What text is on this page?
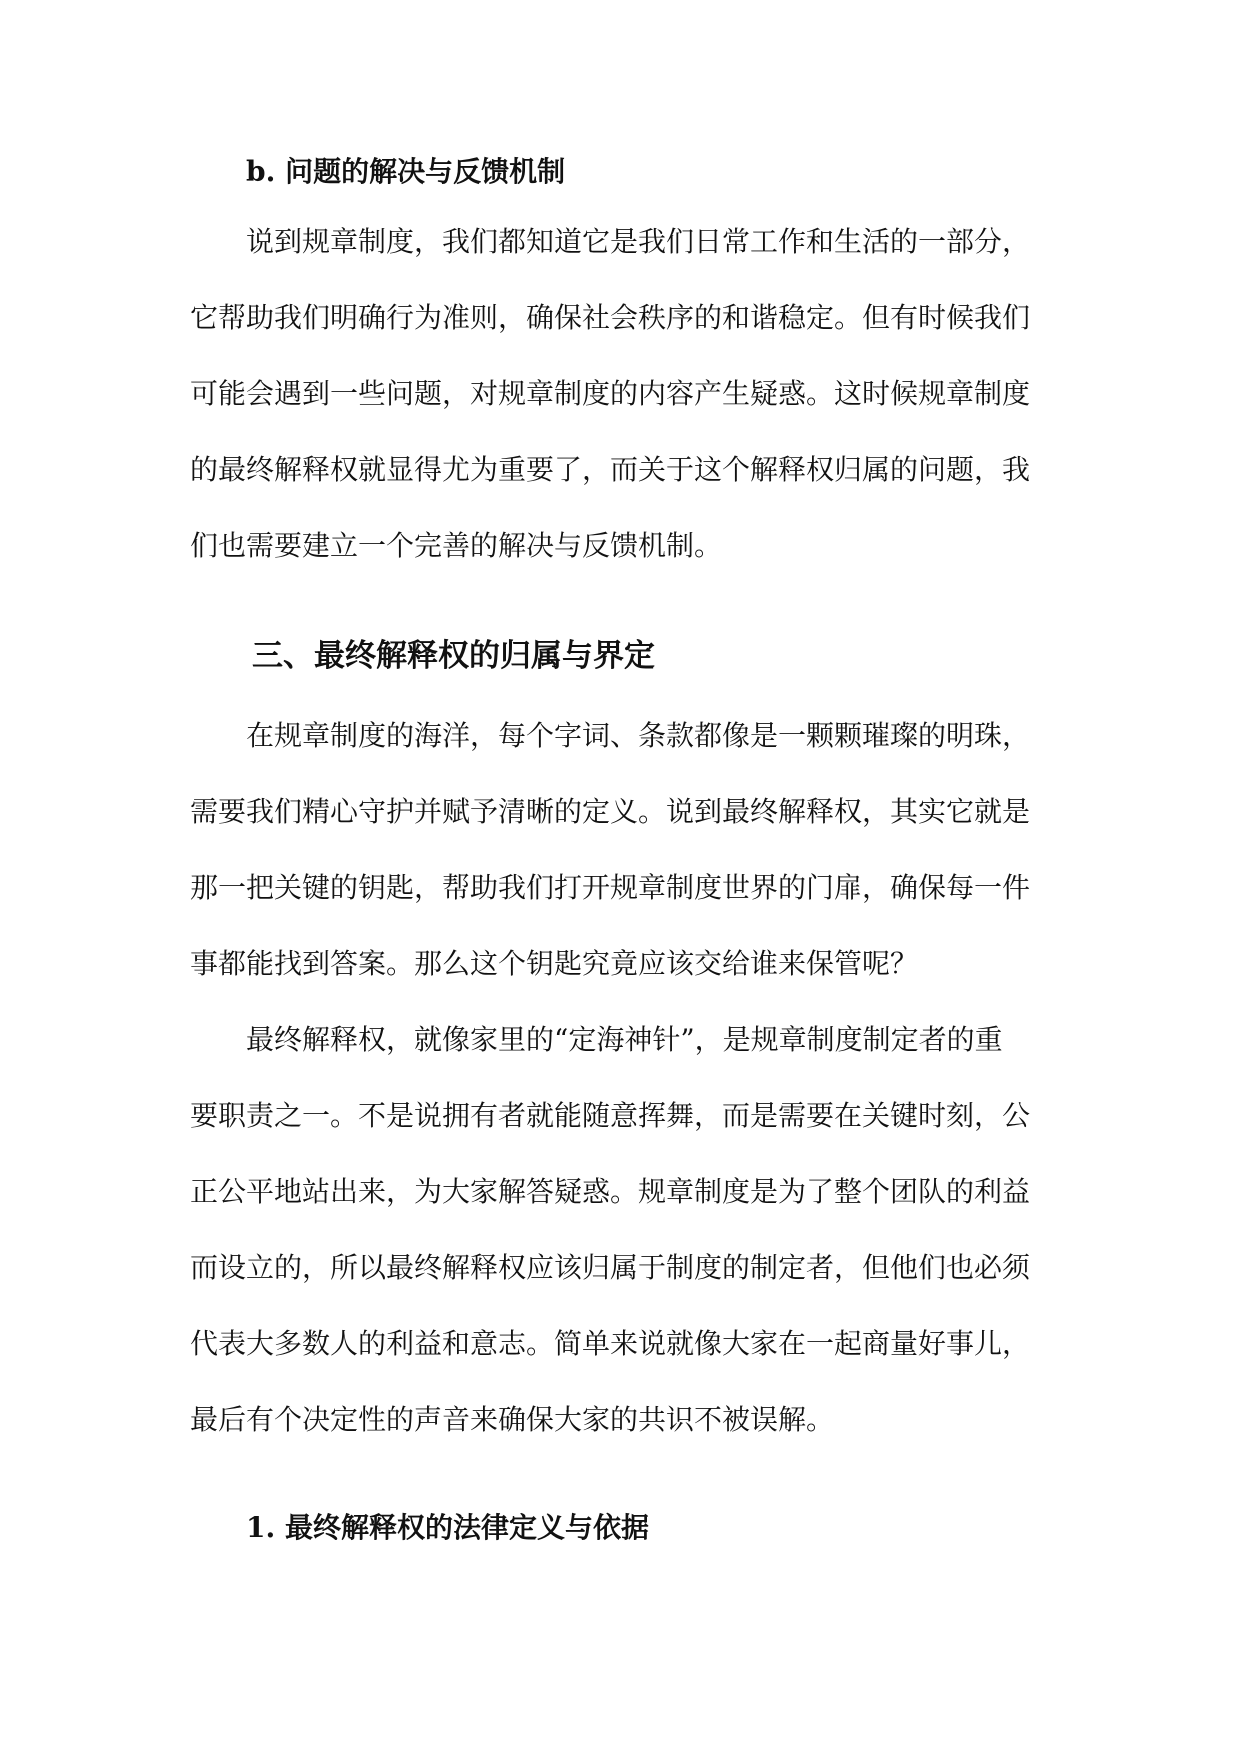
b. 问题的解决与反馈机制
说到规章制度，我们都知道它是我们日常工作和生活的一部分，
它帮助我们明确行为准则，确保社会秩序的和谐稳定。但有时候我们
可能会遇到一些问题，对规章制度的内容产生疑惑。这时候规章制度
的最终解释权就显得尤为重要了，而关于这个解释权归属的问题，我
们也需要建立一个完善的解决与反馈机制。
三、最终解释权的归属与界定
在规章制度的海洋，每个字词、条款都像是一颗颗璀璨的明珠，
需要我们精心守护并赋予清晰的定义。说到最终解释权，其实它就是
那一把关键的钥匙，帮助我们打开规章制度世界的门扉，确保每一件
事都能找到答案。那么这个钥匙究竟应该交给谁来保管呢？
最终解释权，就像家里的“定海神针”，是规章制度制定者的重
要职责之一。不是说拥有者就能随意挥舞，而是需要在关键时刻，公
正公平地站出来，为大家解答疑惑。规章制度是为了整个团队的利益
而设立的，所以最终解释权应该归属于制度的制定者，但他们也必须
代表大多数人的利益和意志。简单来说就像大家在一起商量好事儿，
最后有个决定性的声音来确保大家的共识不被误解。
1. 最终解释权的法律定义与依据
